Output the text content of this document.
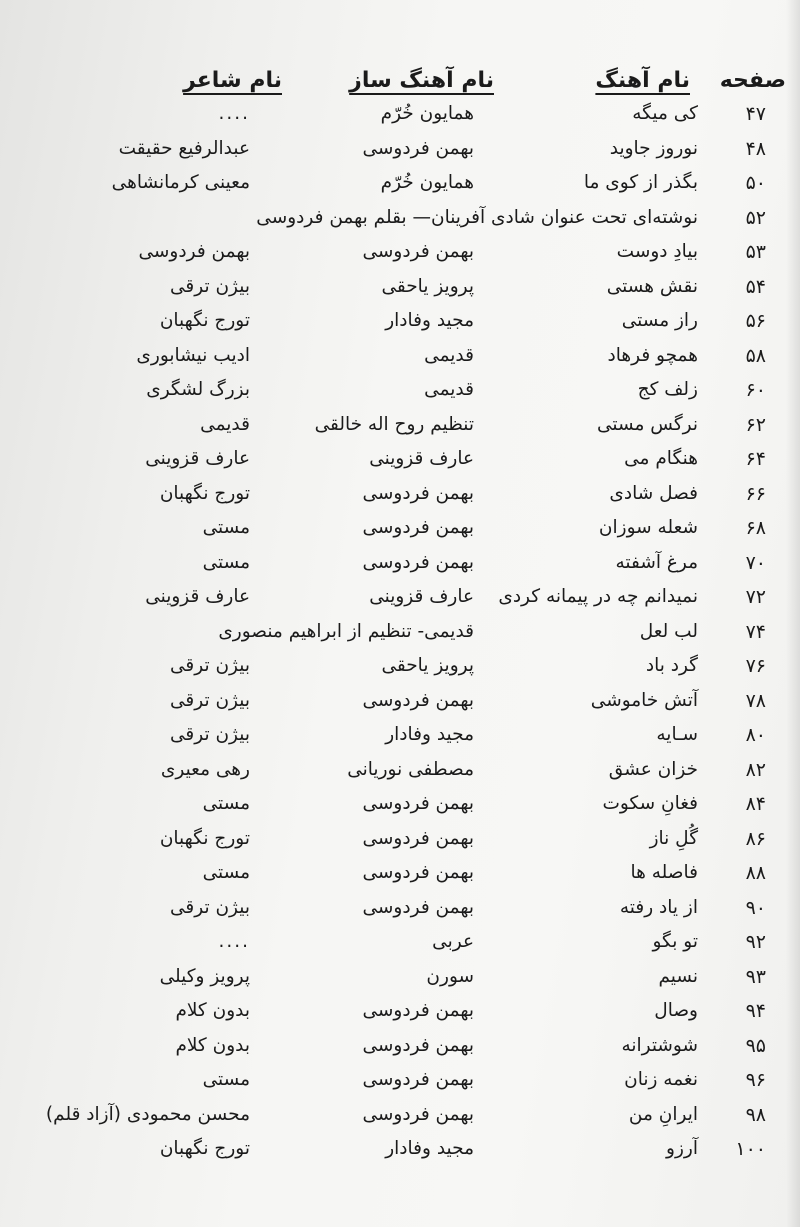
صفحه
نام آهنگ
نام آهنگ ساز
نام شاعر
۴۷
کی میگه
همایون خُرّم
....
۴۸
نوروز جاوید
بهمن فردوسی
عبدالرفیع حقیقت
۵۰
بگذر از کوی ما
همایون خُرّم
معینی کرمانشاهی
۵۲
نوشته‌ای تحت عنوان شادی آفرینان— بقلم بهمن فردوسی
۵۳
بیادِ دوست
بهمن فردوسی
بهمن فردوسی
۵۴
نقش هستی
پرویز یاحقی
بیژن ترقی
۵۶
راز مستی
مجید وفادار
تورج نگهبان
۵۸
همچو فرهاد
قدیمی
ادیب نیشابوری
۶۰
زلف کج
قدیمی
بزرگ لشگری
۶۲
نرگس مستی
تنظیم روح اله خالقی
قدیمی
۶۴
هنگام می
عارف قزوینی
عارف قزوینی
۶۶
فصل شادی
بهمن فردوسی
تورج نگهبان
۶۸
شعله سوزان
بهمن فردوسی
مستی
۷۰
مرغ آشفته
بهمن فردوسی
مستی
۷۲
نمیدانم چه در پیمانه کردی
عارف قزوینی
عارف قزوینی
۷۴
لب لعل
قدیمی- تنظیم از ابراهیم منصوری
۷۶
گرد باد
پرویز یاحقی
بیژن ترقی
۷۸
آتش خاموشی
بهمن فردوسی
بیژن ترقی
۸۰
سـایه
مجید وفادار
بیژن ترقی
۸۲
خزان عشق
مصطفی نوریانی
رهی معیری
۸۴
فغانِ سکوت
بهمن فردوسی
مستی
۸۶
گُلِ ناز
بهمن فردوسی
تورج نگهبان
۸۸
فاصله ها
بهمن فردوسی
مستی
۹۰
از یاد رفته
بهمن فردوسی
بیژن ترقی
۹۲
تو بگو
عربی
....
۹۳
نسیم
سورن
پرویز وکیلی
۹۴
وصال
بهمن فردوسی
بدون کلام
۹۵
شوشترانه
بهمن فردوسی
بدون کلام
۹۶
نغمه زنان
بهمن فردوسی
مستی
۹۸
ایرانِ من
بهمن فردوسی
محسن محمودی (آزاد قلم)
۱۰۰
آرزو
مجید وفادار
تورج نگهبان
